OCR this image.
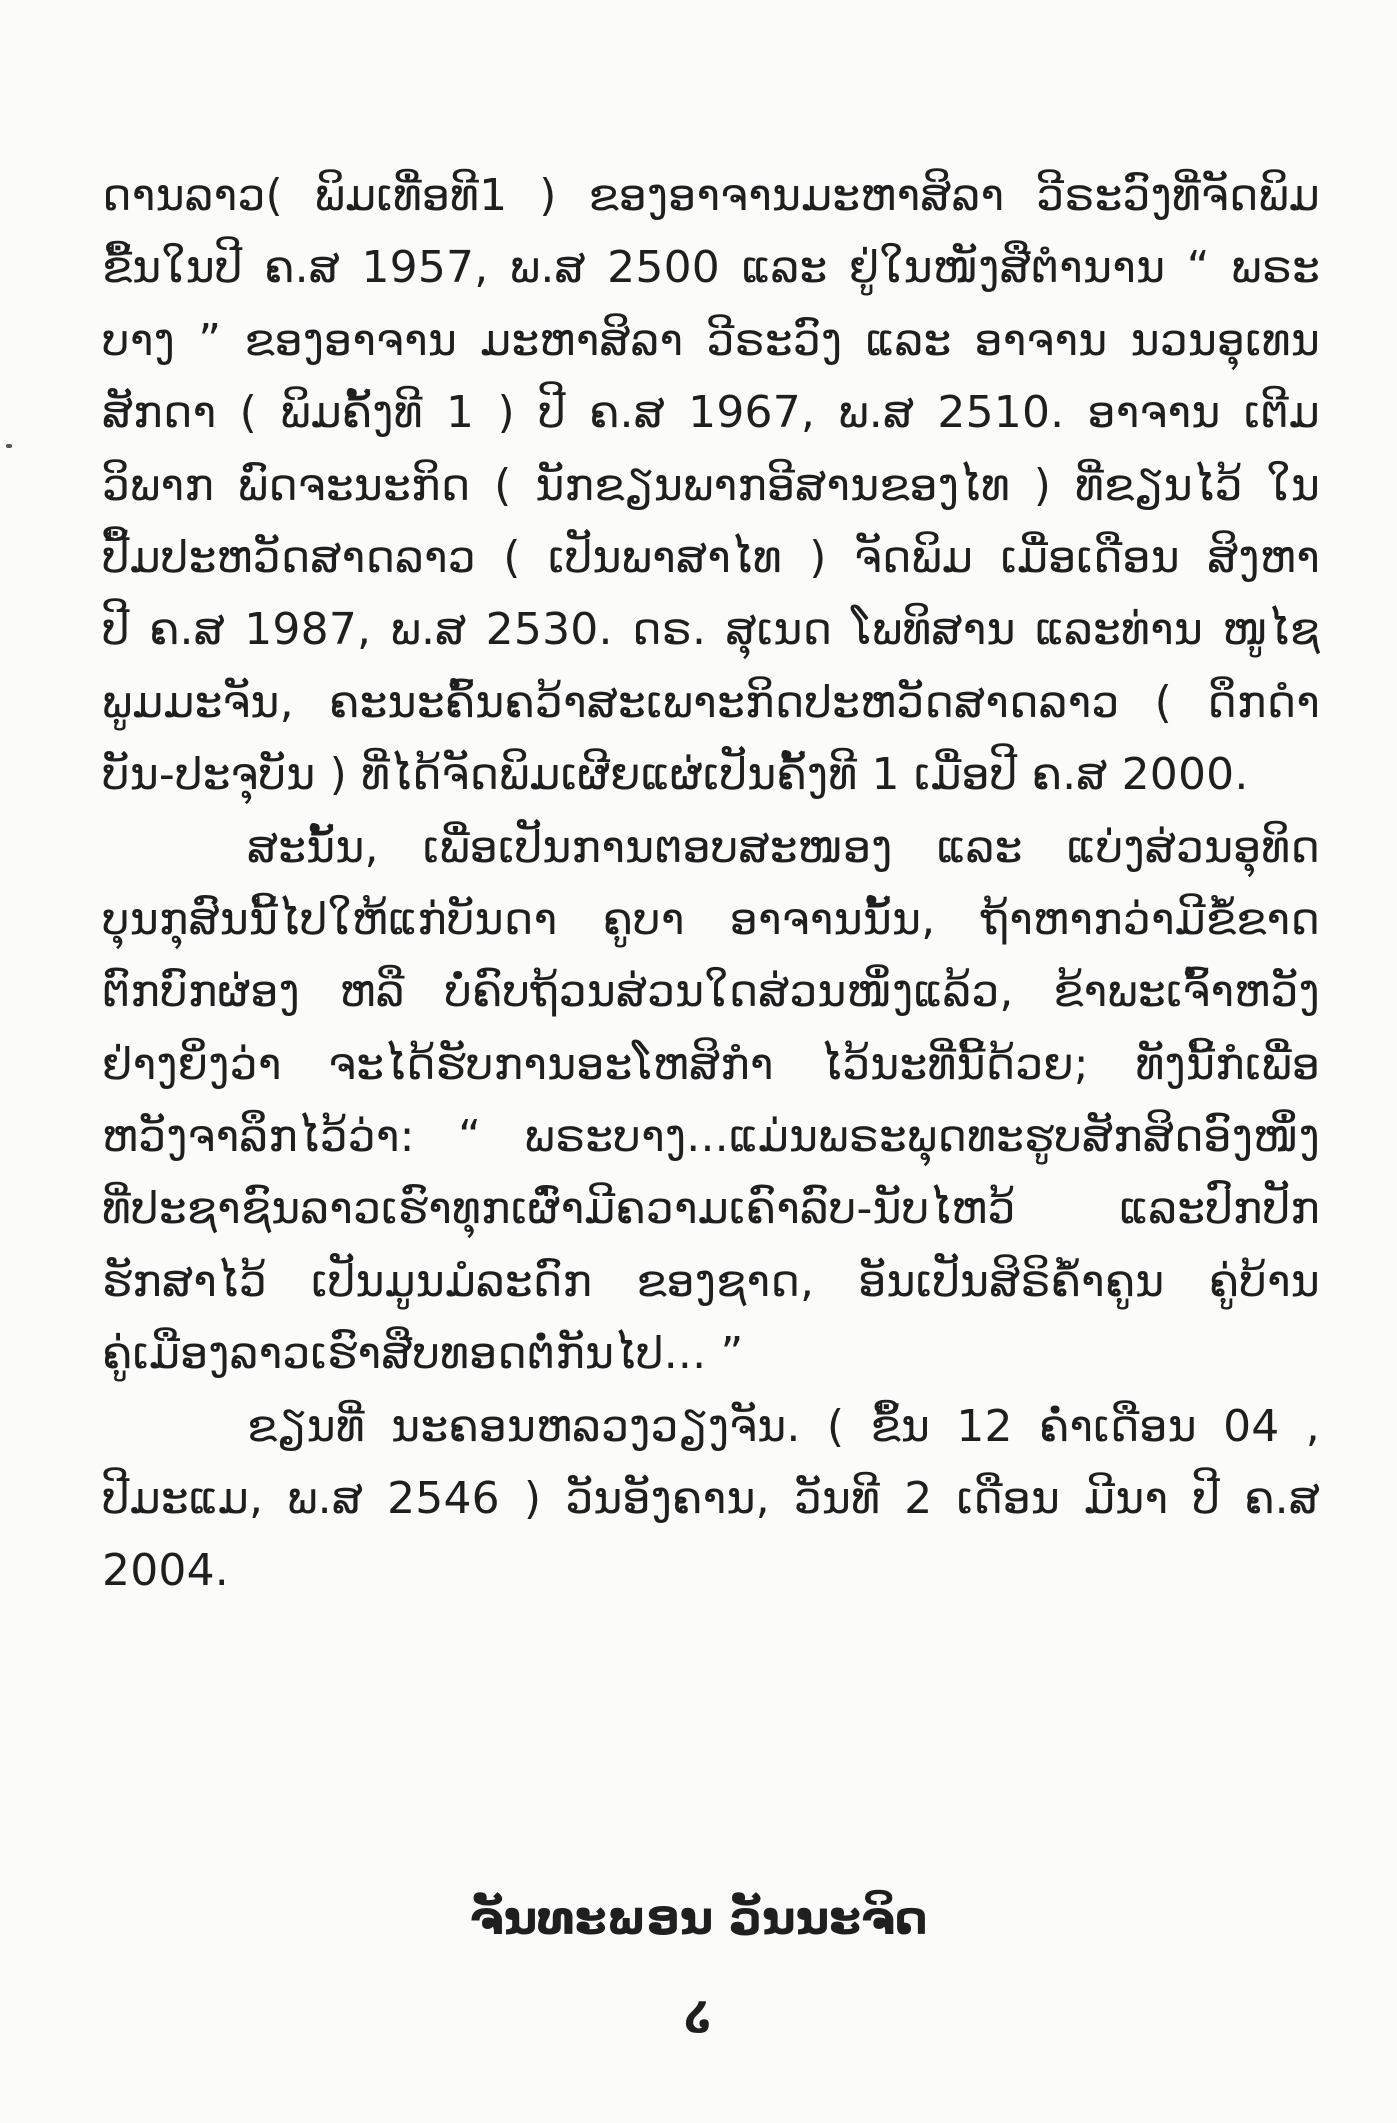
ດານລາວ( ພິມເທື່ອທີ1 ) ຂອງອາຈານມະຫາສິລາ ວີຣະວົງທີ່ຈັດພິມ
ຂື້ນໃນປີ ຄ.ສ 1957, ພ.ສ 2500 ແລະ ຢູ່ໃນໜັງສືຕຳນານ “ ພຣະ
ບາງ ” ຂອງອາຈານ ມະຫາສິລາ ວີຣະວົງ ແລະ ອາຈານ ນວນອຸເທນ
ສັກດາ ( ພິມຄັ້ງທີ 1 ) ປີ ຄ.ສ 1967, ພ.ສ 2510. ອາຈານ ເຕີມ
ວິພາກ ພົດຈະນະກິດ ( ນັກຂຽນພາກອີສານຂອງໄທ ) ທີ່ຂຽນໄວ້ ໃນ
ປື້ມປະຫວັດສາດລາວ ( ເປັນພາສາໄທ ) ຈັດພິມ ເມື່ອເດືອນ ສິງຫາ
ປີ ຄ.ສ 1987, ພ.ສ 2530. ດຣ. ສຸເນດ ໂພທິສານ ແລະທ່ານ ໜູໄຊ
ພູມມະຈັນ, ຄະນະຄົ້ນຄວ້າສະເພາະກິດປະຫວັດສາດລາວ ( ດຶກດຳ
ບັນ-ປະຈຸບັນ ) ທີ່ໄດ້ຈັດພິມເຜີຍແຜ່ເປັນຄັ້ງທີ 1 ເມື່ອປີ ຄ.ສ 2000.
ສະນັ້ນ, ເພື່ອເປັນການຕອບສະໜອງ ແລະ ແບ່ງສ່ວນອຸທິດ
ບຸນກຸສົນນີ້ໄປໃຫ້ແກ່ບັນດາ ຄູບາ ອາຈານນັ້ນ, ຖ້າຫາກວ່າມີຂໍ້ຂາດ
ຕົກບົກຜ່ອງ ຫລື ບໍ່ຄົບຖ້ວນສ່ວນໃດສ່ວນໜຶ່ງແລ້ວ, ຂ້າພະເຈົ້າຫວັງ
ຢ່າງຍິ່ງວ່າ ຈະໄດ້ຮັບການອະໂຫສິກຳ ໄວ້ນະທີ່ນີ້ດ້ວຍ; ທັງນີ້ກໍເພື່ອ
ຫວັງຈາລຶກໄວ້ວ່າ: “ ພຣະບາງ...ແມ່ນພຣະພຸດທະຮູບສັກສິດອົງໜຶ່ງ
ທີ່ປະຊາຊົນລາວເຮົາທຸກເຜົ່າມີຄວາມເຄົາລົບ-ນັບໄຫວ້ ແລະປົກປັກ
ຮັກສາໄວ້ ເປັນມູນມໍລະດົກ ຂອງຊາດ, ອັນເປັນສິຣິຄ້ຳຄູນ ຄູ່ບ້ານ
ຄູ່ເມືອງລາວເຮົາສືບທອດຕໍ່ກັນໄປ... ”
ຂຽນທີ່ ນະຄອນຫລວງວຽງຈັນ. ( ຂຶ້ນ 12 ຄ່ຳເດືອນ 04 ,
ປີມະແມ, ພ.ສ 2546 ) ວັນອັງຄານ, ວັນທີ 2 ເດືອນ ມີນາ ປີ ຄ.ສ
2004.
ຈັນທະພອນ ວັນນະຈິດ
໒
